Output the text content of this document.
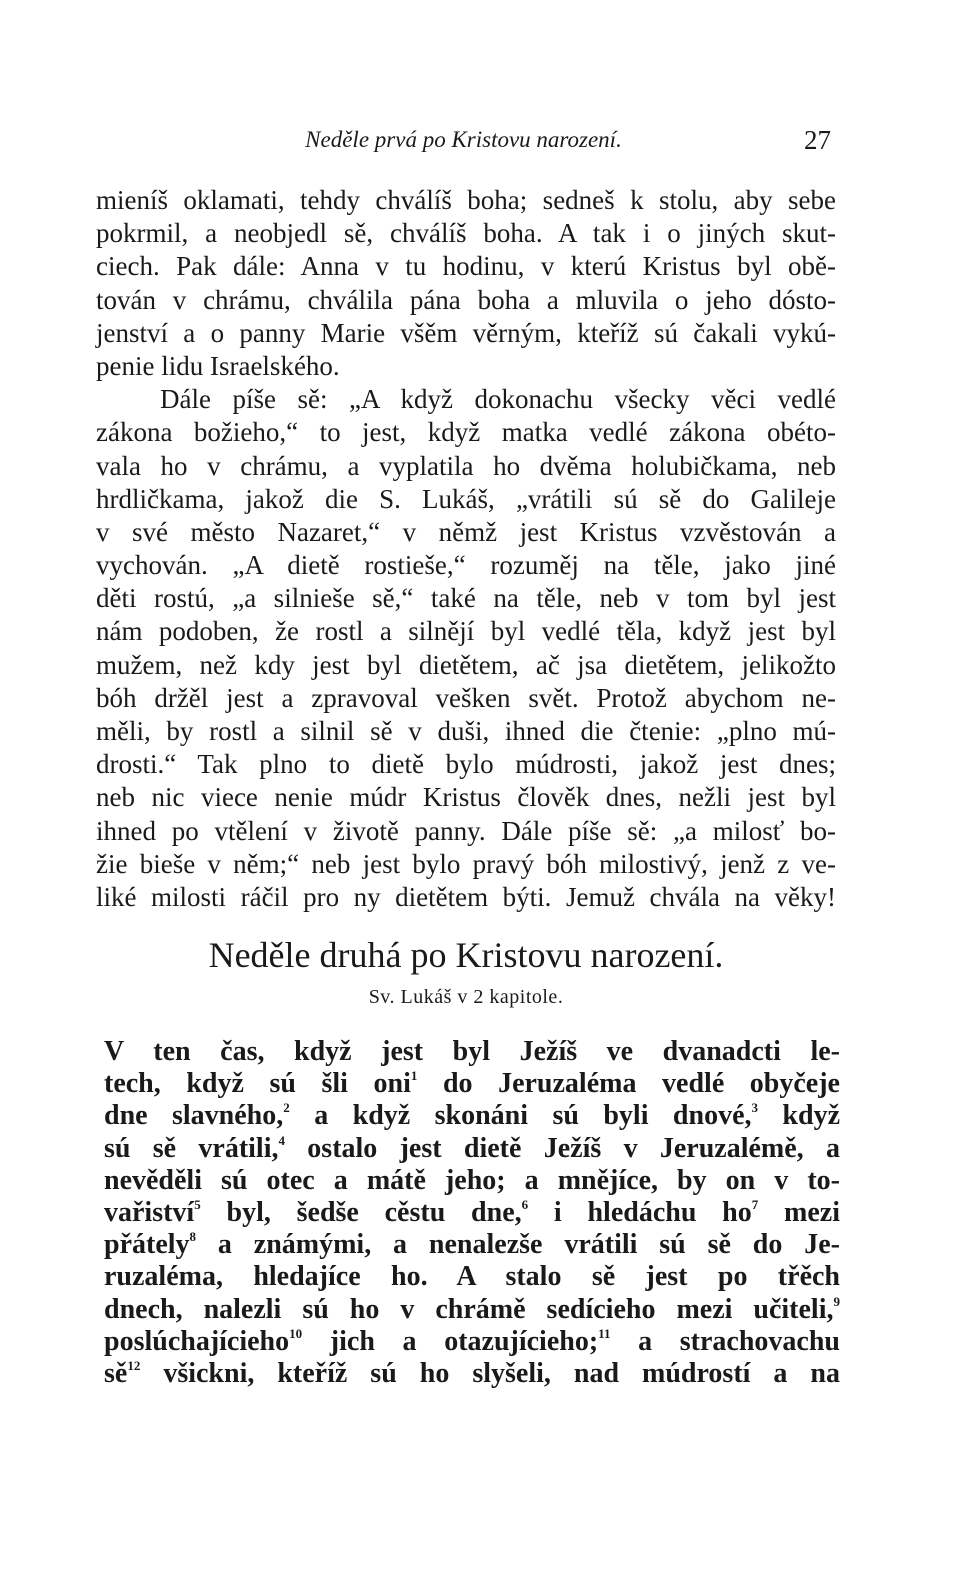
Neděle prvá po Kristovu narození.	27
mieníš oklamati, tehdy chválíš boha; sedneš k stolu, aby sebe
pokrmil, a neobjedl sě, chválíš boha. A tak i o jiných skut-
ciech. Pak dále: Anna v tu hodinu, v kterú Kristus byl obě-
tován v chrámu, chválila pána boha a mluvila o jeho dósto-
jenství a o panny Marie všěm věrným, kteříž sú čakali vykú-
penie lidu Israelského.
Dále píše sě: „A když dokonachu všecky věci vedlé
zákona božieho,“ to jest, když matka vedlé zákona obéto-
vala ho v chrámu, a vyplatila ho dvěma holubičkama, neb
hrdličkama, jakož die S. Lukáš, „vrátili sú sě do Galileje
v své město Nazaret,“ v němž jest Kristus vzvěstován a
vychován. „A dietě rostieše,“ rozuměj na těle, jako jiné
děti rostú, „a silnieše sě,“ také na těle, neb v tom byl jest
nám podoben, že rostl a silnějí byl vedlé těla, když jest byl
mužem, než kdy jest byl dietětem, ač jsa dietětem, jelikožto
bóh držěl jest a zpravoval vešken svět. Protož abychom ne-
měli, by rostl a silnil sě v duši, ihned die čtenie: „plno mú-
drosti.“ Tak plno to dietě bylo múdrosti, jakož jest dnes;
neb nic viece nenie múdr Kristus člověk dnes, nežli jest byl
ihned po vtělení v životě panny. Dále píše sě: „a milosť bo-
žie bieše v něm;“ neb jest bylo pravý bóh milostivý, jenž z ve-
liké milosti ráčil pro ny dietětem býti. Jemuž chvála na věky!
Neděle druhá po Kristovu narození.
Sv. Lukáš v 2 kapitole.
V ten čas, když jest byl Ježíš ve dvanadcti le-
tech, když sú šli oni$^1$ do Jeruzaléma vedlé obyčeje
dne slavného,$^2$ a když skonáni sú byli dnové,$^3$ když
sú sě vrátili,$^4$ ostalo jest dietě Ježíš v Jeruzalémě, a
nevěděli sú otec a mátě jeho; a mnějíce, by on v to-
vařiství$^5$ byl, šedše cěstu dne,$^6$ i hledáchu $ho^7$ mezi
přátely$^8$ a známými, a nenalezše vrátili sú sě do Je-
ruzaléma, hledajíce ho. A stalo sě jest po třěch
dnech, nalezli sú ho v chrámě sedícieho mezi učiteli,$^9$
poslúchajícieho$^{10}$ jich a otazujícieho;$^{11}$ a strachovachu
$sě^{12}$ všicknі, kteříž sú ho slyšeli, nad múdrostí a na
